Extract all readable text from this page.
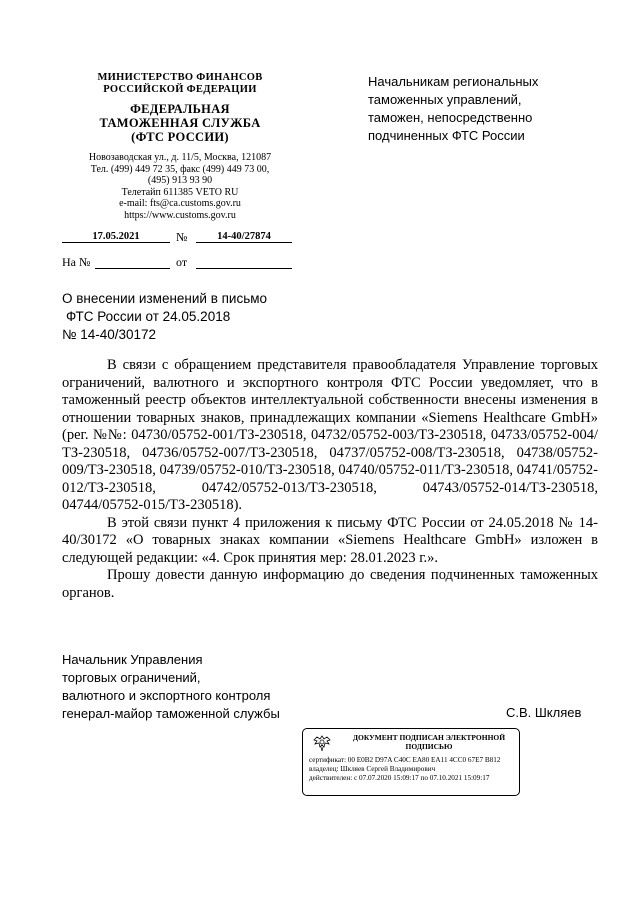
МИНИСТЕРСТВО ФИНАНСОВ
РОССИЙСКОЙ ФЕДЕРАЦИИ
ФЕДЕРАЛЬНАЯ
ТАМОЖЕННАЯ СЛУЖБА
(ФТС РОССИИ)
Новозаводская ул., д. 11/5, Москва, 121087
Тел. (499) 449 72 35, факс (499) 449 73 00,
(495) 913 93 90
Телетайп 611385 VETO RU
e-mail: fts@ca.customs.gov.ru
https://www.customs.gov.ru
17.05.2021	№	14-40/27874
На №	от
Начальникам региональных
таможенных управлений,
таможен, непосредственно
подчиненных ФТС России
О внесении изменений в письмо
ФТС России от 24.05.2018
№ 14-40/30172

В связи с обращением представителя правообладателя Управление торговых ограничений, валютного и экспортного контроля ФТС России уведомляет, что в таможенный реестр объектов интеллектуальной собственности внесены изменения в отношении товарных знаков, принадлежащих компании «Siemens Healthcare GmbH» (рег. №№: 04730/05752-001/ТЗ-230518, 04732/05752-003/ТЗ-230518, 04733/05752-004/ТЗ-230518, 04736/05752-007/ТЗ-230518, 04737/05752-008/ТЗ-230518, 04738/05752-009/ТЗ-230518, 04739/05752-010/ТЗ-230518, 04740/05752-011/ТЗ-230518, 04741/05752-012/ТЗ-230518, 04742/05752-013/ТЗ-230518, 04743/05752-014/ТЗ-230518, 04744/05752-015/ТЗ-230518).

В этой связи пункт 4 приложения к письму ФТС России от 24.05.2018 № 14-40/30172 «О товарных знаках компании «Siemens Healthcare GmbH» изложен в следующей редакции: «4. Срок принятия мер: 28.01.2023 г.».

Прошу довести данную информацию до сведения подчиненных таможенных органов.

Начальник Управления
торговых ограничений,
валютного и экспортного контроля
генерал-майор таможенной службы	С.В. Шкляев
ДОКУМЕНТ ПОДПИСАН ЭЛЕКТРОННОЙ
ПОДПИСЬЮ
сертификат: 00 E0B2 D97A C40C EA80 EA11 4CC0 67E7 B812
владелец: Шкляев Сергей Владимирович
действителен: с 07.07.2020 15:09:17 по 07.10.2021 15:09:17
